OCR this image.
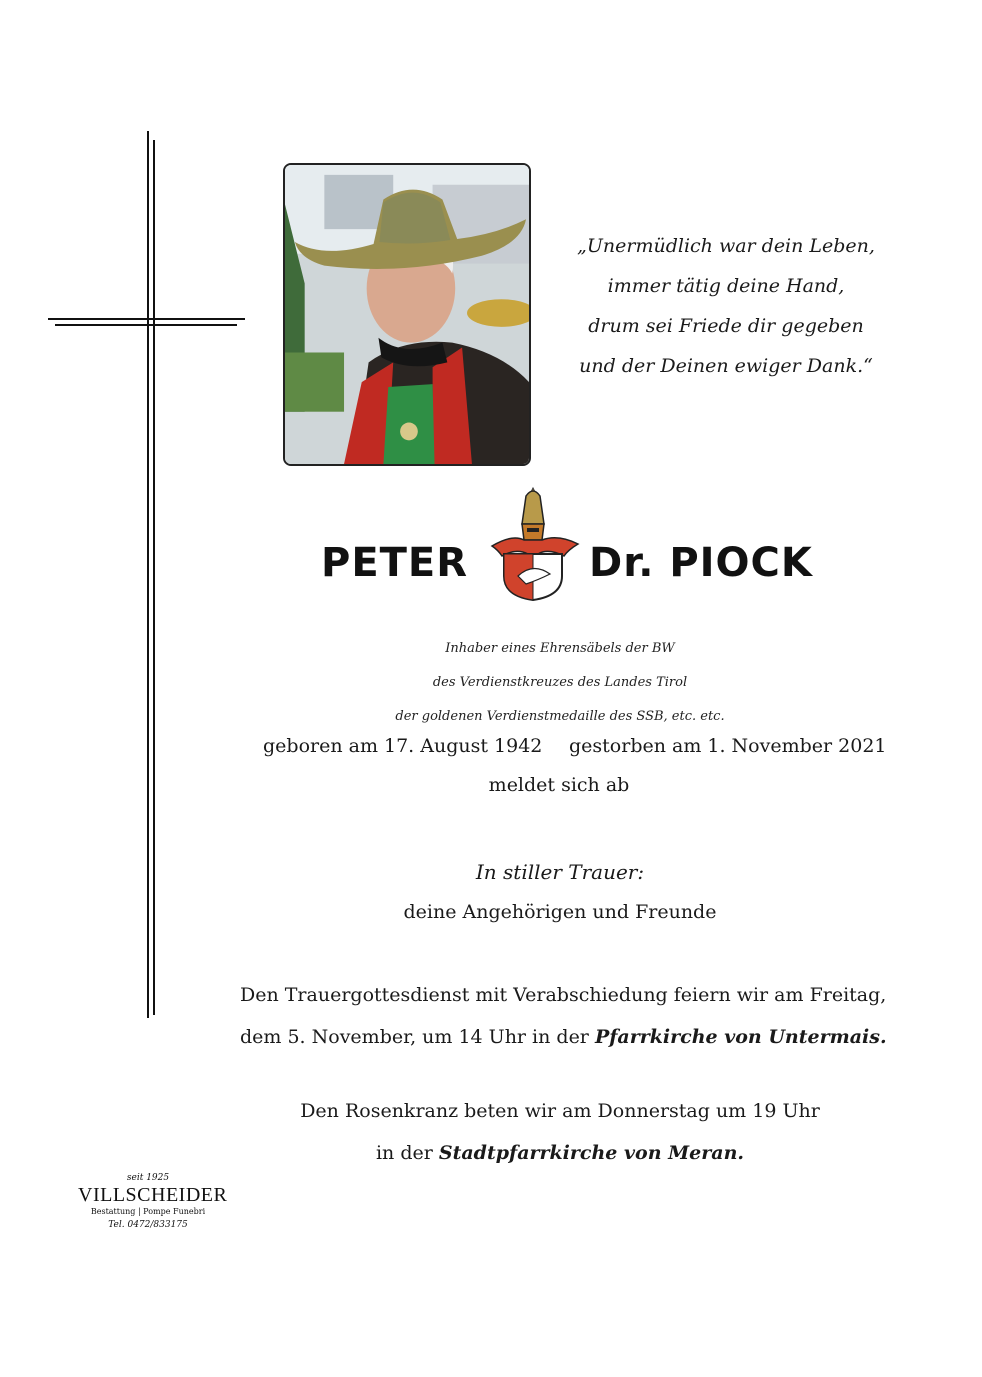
„Unermüdlich war dein Leben,
immer tätig deine Hand,
drum sei Friede dir gegeben
und der Deinen ewiger Dank.“
PETER	Dr. PIOCK
Inhaber eines Ehrensäbels der BW
des Verdienstkreuzes des Landes Tirol
der goldenen Verdienstmedaille des SSB, etc. etc.
geboren am 17. August 1942 gestorben am 1. November 2021
meldet sich ab
In stiller Trauer:
deine Angehörigen und Freunde
Den Trauergottesdienst mit Verabschiedung feiern wir am Freitag,
dem 5. November, um 14 Uhr in der Pfarrkirche von Untermais.
Den Rosenkranz beten wir am Donnerstag um 19 Uhr
in der Stadtpfarrkirche von Meran.
seit 1925
VILLSCHEIDER
Bestattung | Pompe Funebri
Tel. 0472/833175
